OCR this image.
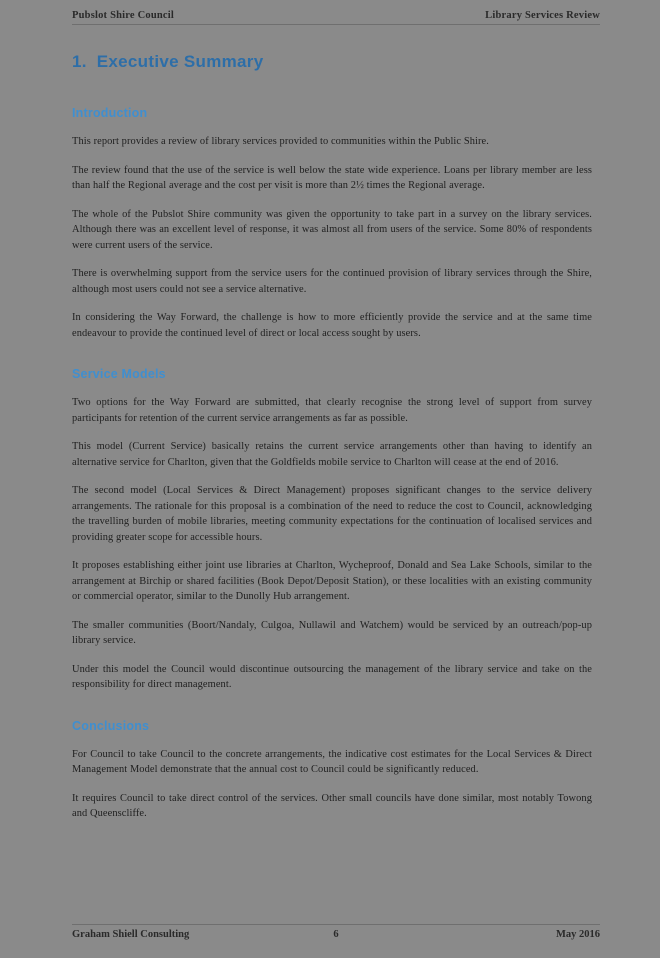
Pubslot Shire Council	Library Services Review
1. Executive Summary
Introduction

This report provides a review of library services provided to communities within the Public Shire.

The review found that the use of the service is well below the state wide experience. Loans per library member are less than half the Regional average and the cost per visit is more than 2½ times the Regional average.

The whole of the Pubslot Shire community was given the opportunity to take part in a survey on the library services. Although there was an excellent level of response, it was almost all from users of the service. Some 80% of respondents were current users of the service.

There is overwhelming support from the service users for the continued provision of library services through the Shire, although most users could not see a service alternative.

In considering the Way Forward, the challenge is how to more efficiently provide the service and at the same time endeavour to provide the continued level of direct or local access sought by users.

Service Models

Two options for the Way Forward are submitted, that clearly recognise the strong level of support from survey participants for retention of the current service arrangements as far as possible.

This model (Current Service) basically retains the current service arrangements other than having to identify an alternative service for Charlton, given that the Goldfields mobile service to Charlton will cease at the end of 2016.

The second model (Local Services & Direct Management) proposes significant changes to the service delivery arrangements. The rationale for this proposal is a combination of the need to reduce the cost to Council, acknowledging the travelling burden of mobile libraries, meeting community expectations for the continuation of localised services and providing greater scope for accessible hours.

It proposes establishing either joint use libraries at Charlton, Wycheproof, Donald and Sea Lake Schools, similar to the arrangement at Birchip or shared facilities (Book Depot/Deposit Station), or these localities with an existing community or commercial operator, similar to the Dunolly Hub arrangement.

The smaller communities (Boort/Nandaly, Culgoa, Nullawil and Watchem) would be serviced by an outreach/pop-up library service.

Under this model the Council would discontinue outsourcing the management of the library service and take on the responsibility for direct management.

Conclusions

For Council to take Council to the concrete arrangements, the indicative cost estimates for the Local Services & Direct Management Model demonstrate that the annual cost to Council could be significantly reduced.

It requires Council to take direct control of the services. Other small councils have done similar, most notably Towong and Queenscliffe.

Graham Shiell Consulting	6	May 2016
